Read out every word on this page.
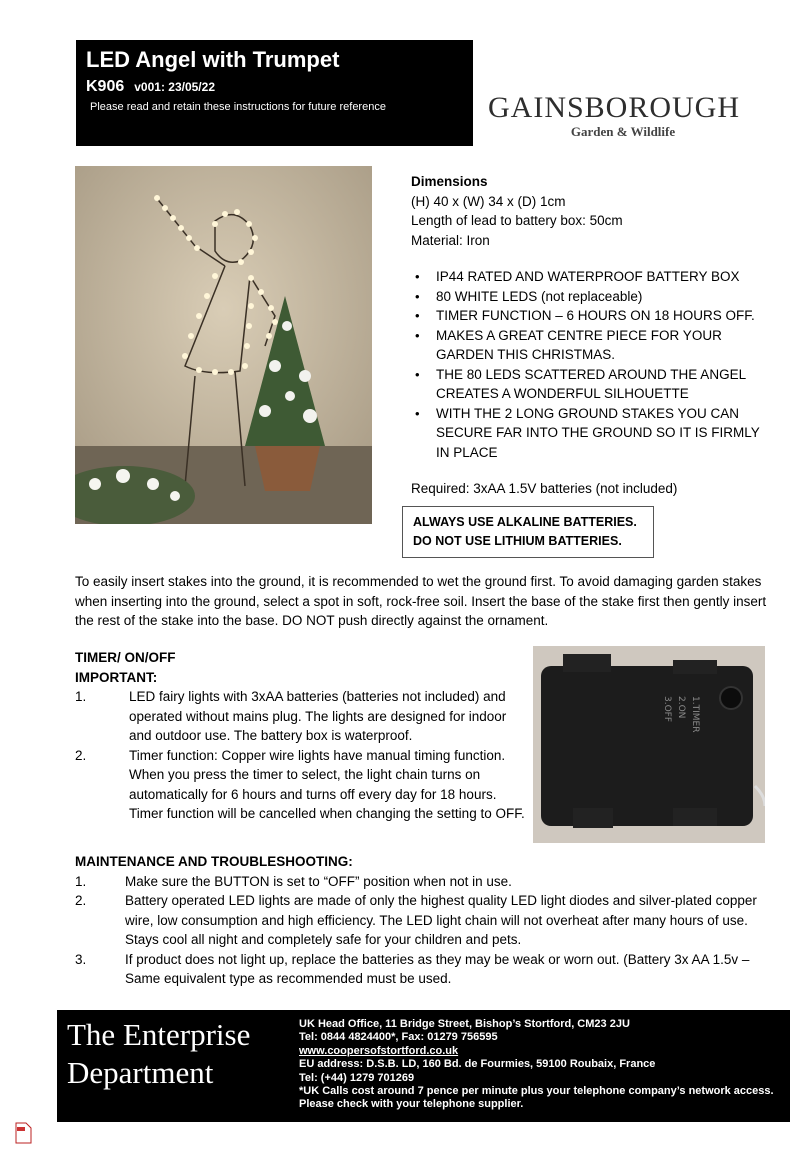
LED Angel with Trumpet
K906 v001: 23/05/22
Please read and retain these instructions for future reference	GAINSBOROUGH
Garden & Wildlife
Dimensions
(H) 40 x (W) 34 x (D) 1cm
Length of lead to battery box: 50cm
Material: Iron
• IP44 RATED AND WATERPROOF BATTERY BOX
• 80 WHITE LEDS (not replaceable)
• TIMER FUNCTION – 6 HOURS ON 18 HOURS OFF.
• MAKES A GREAT CENTRE PIECE FOR YOUR GARDEN THIS CHRISTMAS.
• THE 80 LEDS SCATTERED AROUND THE ANGEL CREATES A WONDERFUL SILHOUETTE
• WITH THE 2 LONG GROUND STAKES YOU CAN SECURE FAR INTO THE GROUND SO IT IS FIRMLY IN PLACE
Required: 3xAA 1.5V batteries (not included)
ALWAYS USE ALKALINE BATTERIES.
DO NOT USE LITHIUM BATTERIES.
To easily insert stakes into the ground, it is recommended to wet the ground first. To avoid damaging garden stakes when inserting into the ground, select a spot in soft, rock-free soil. Insert the base of the stake first then gently insert the rest of the stake into the base. DO NOT push directly against the ornament.
TIMER/ ON/OFF
IMPORTANT:
1.	LED fairy lights with 3xAA batteries (batteries not included) and operated without mains plug. The lights are designed for indoor and outdoor use. The battery box is waterproof.
2.	Timer function: Copper wire lights have manual timing function. When you press the timer to select, the light chain turns on automatically for 6 hours and turns off every day for 18 hours. Timer function will be cancelled when changing the setting to OFF.
1.TIMER
2.ON
3.OFF
MAINTENANCE AND TROUBLESHOOTING:
1.	Make sure the BUTTON is set to “OFF” position when not in use.
2.	Battery operated LED lights are made of only the highest quality LED light diodes and silver-plated copper wire, low consumption and high efficiency. The LED light chain will not overheat after many hours of use. Stays cool all night and completely safe for your children and pets.
3.	If product does not light up, replace the batteries as they may be weak or worn out. (Battery 3x AA 1.5v – Same equivalent type as recommended must be used.
The Enterprise
Department
UK Head Office, 11 Bridge Street, Bishop’s Stortford, CM23 2JU
Tel: 0844 4824400*, Fax: 01279 756595
www.coopersofstortford.co.uk
EU address: D.S.B. LD, 160 Bd. de Fourmies, 59100 Roubaix, France
Tel: (+44) 1279 701269
*UK Calls cost around 7 pence per minute plus your telephone company’s network access.
Please check with your telephone supplier.
